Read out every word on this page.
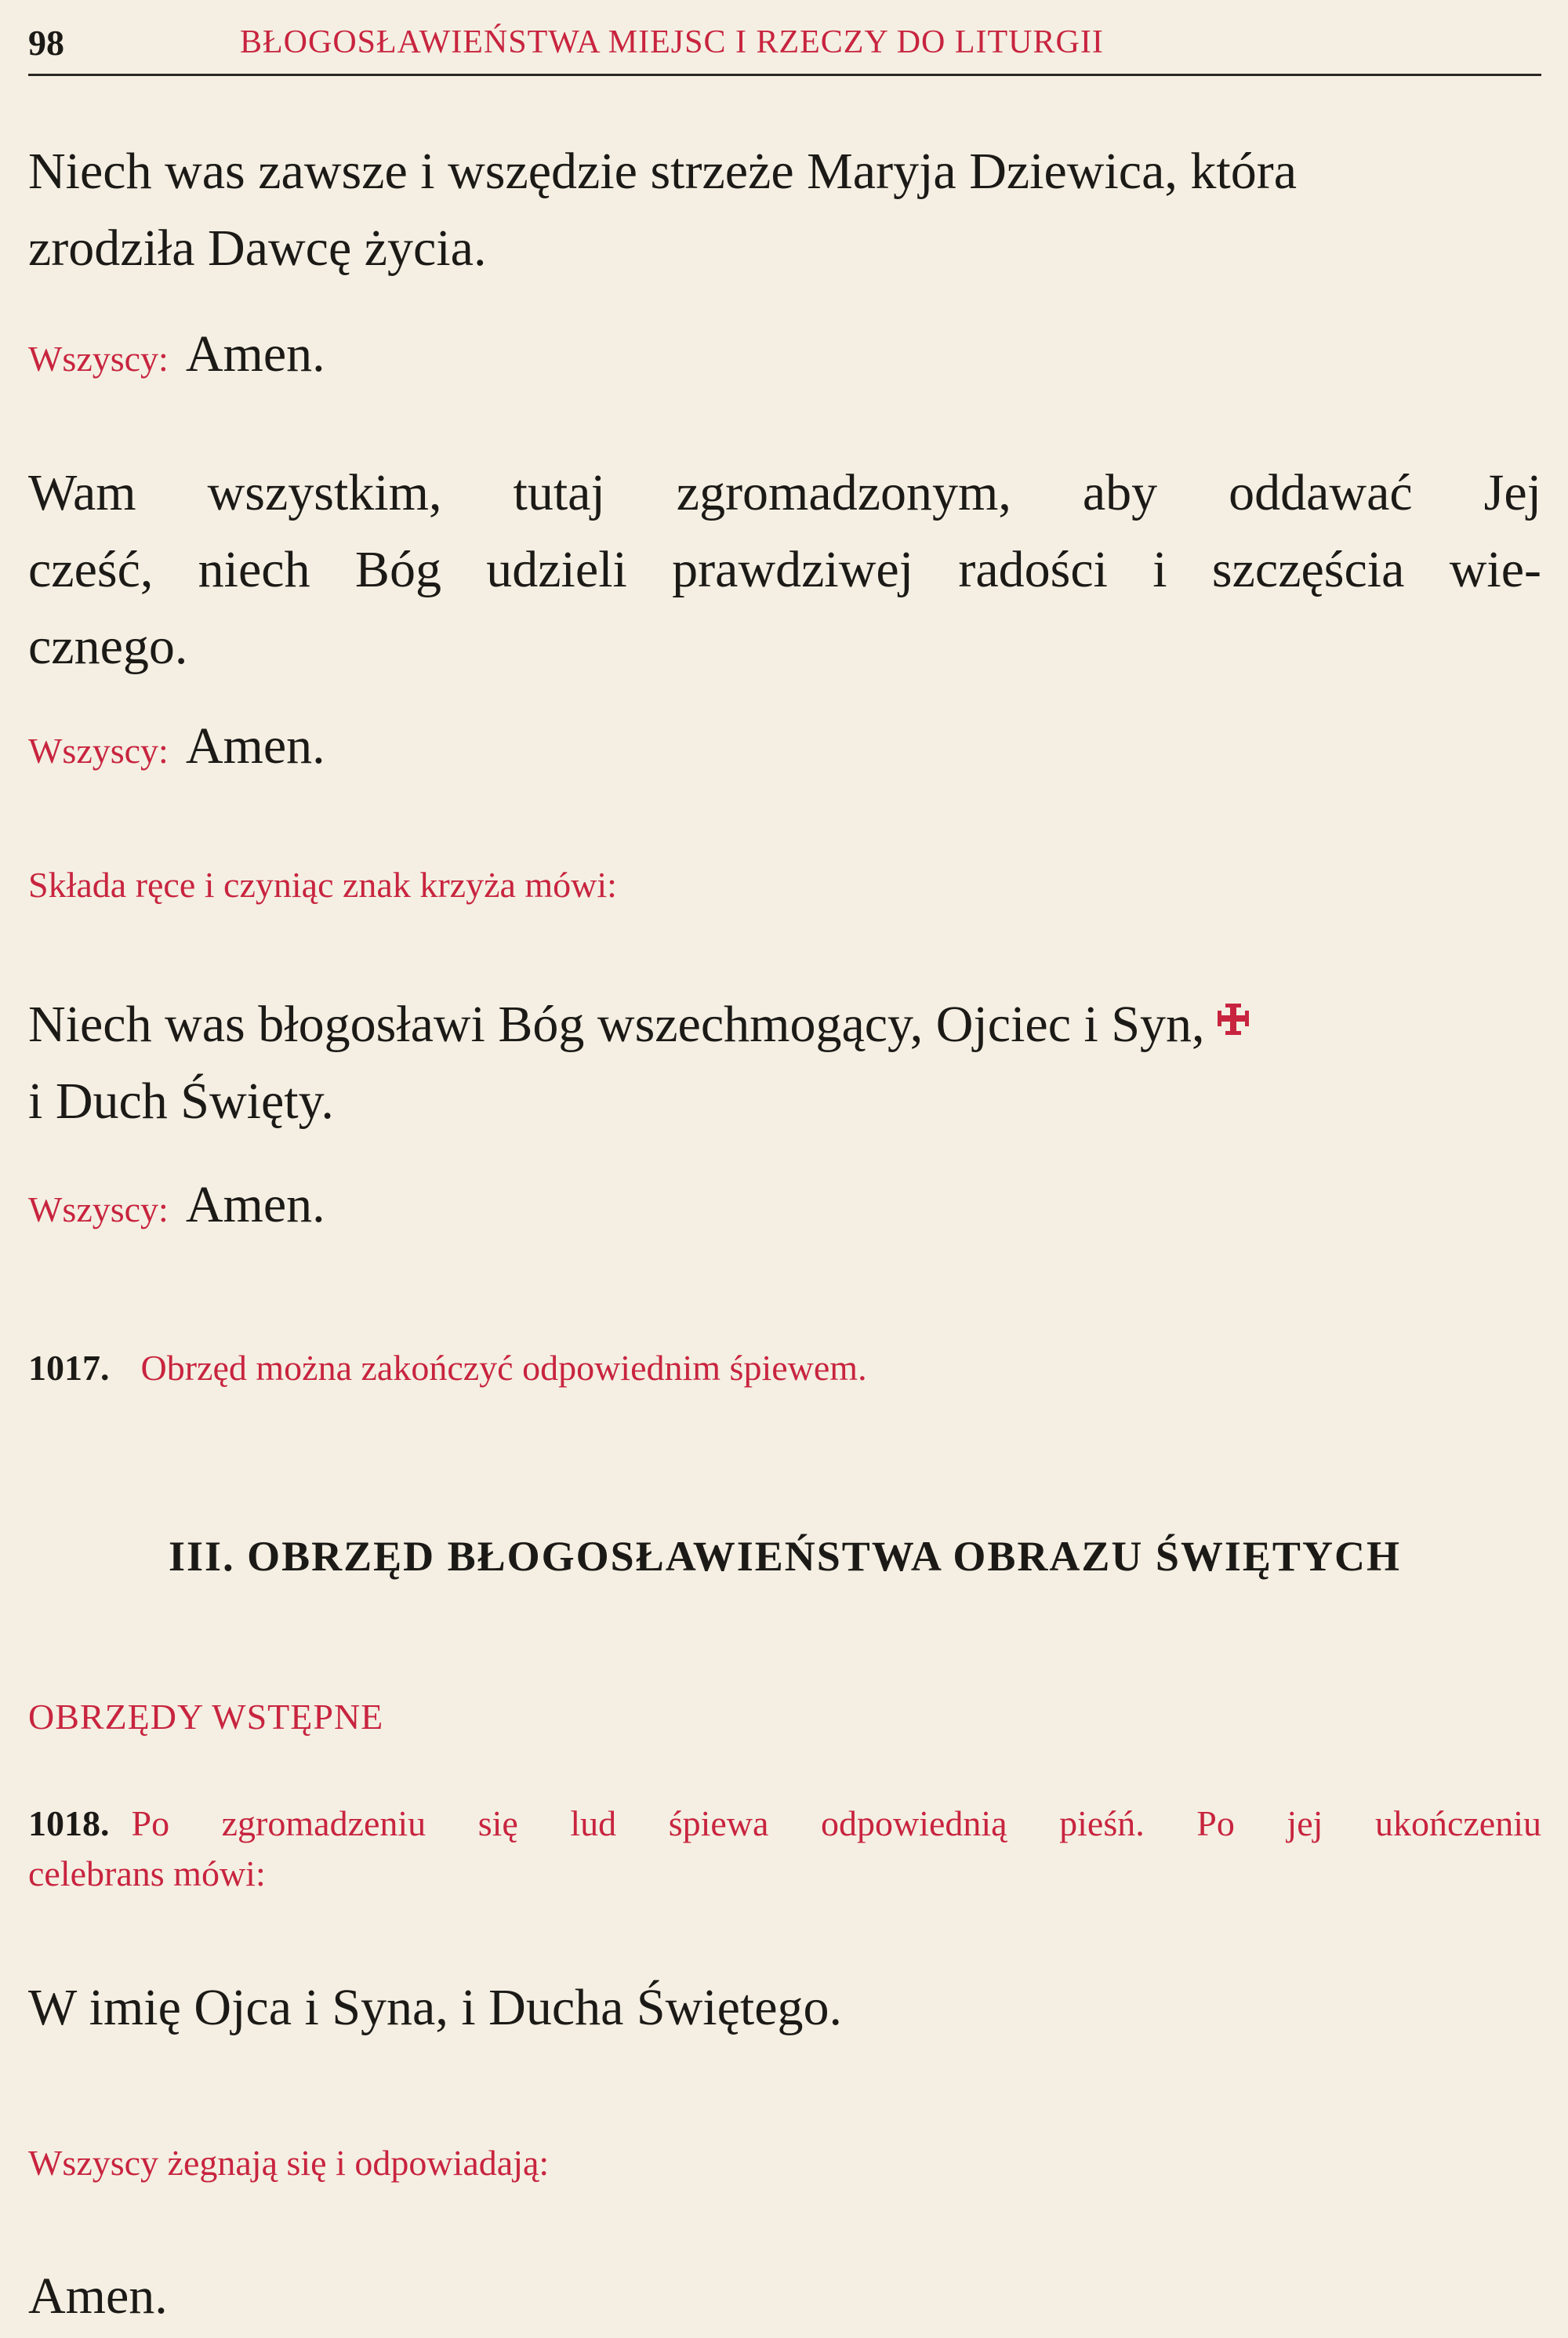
98	BŁOGOSŁAWIEŃSTWA MIEJSC I RZECZY DO LITURGII
Niech was zawsze i wszędzie strzeże Maryja Dziewica, która
zrodziła Dawcę życia.
Wszyscy: Amen.
Wam wszystkim, tutaj zgromadzonym, aby oddawać Jej
cześć, niech Bóg udzieli prawdziwej radości i szczęścia wie-
cznego.
Wszyscy: Amen.
Składa ręce i czyniąc znak krzyża mówi:
Niech was błogosławi Bóg wszechmogący, Ojciec i Syn,
i Duch Święty.
Wszyscy: Amen.
1017. Obrzęd można zakończyć odpowiednim śpiewem.
III. OBRZĘD BŁOGOSŁAWIEŃSTWA OBRAZU ŚWIĘTYCH
OBRZĘDY WSTĘPNE
1018. Po zgromadzeniu się lud śpiewa odpowiednią pieśń. Po jej ukończeniu
celebrans mówi:
W imię Ojca i Syna, i Ducha Świętego.
Wszyscy żegnają się i odpowiadają:
Amen.
